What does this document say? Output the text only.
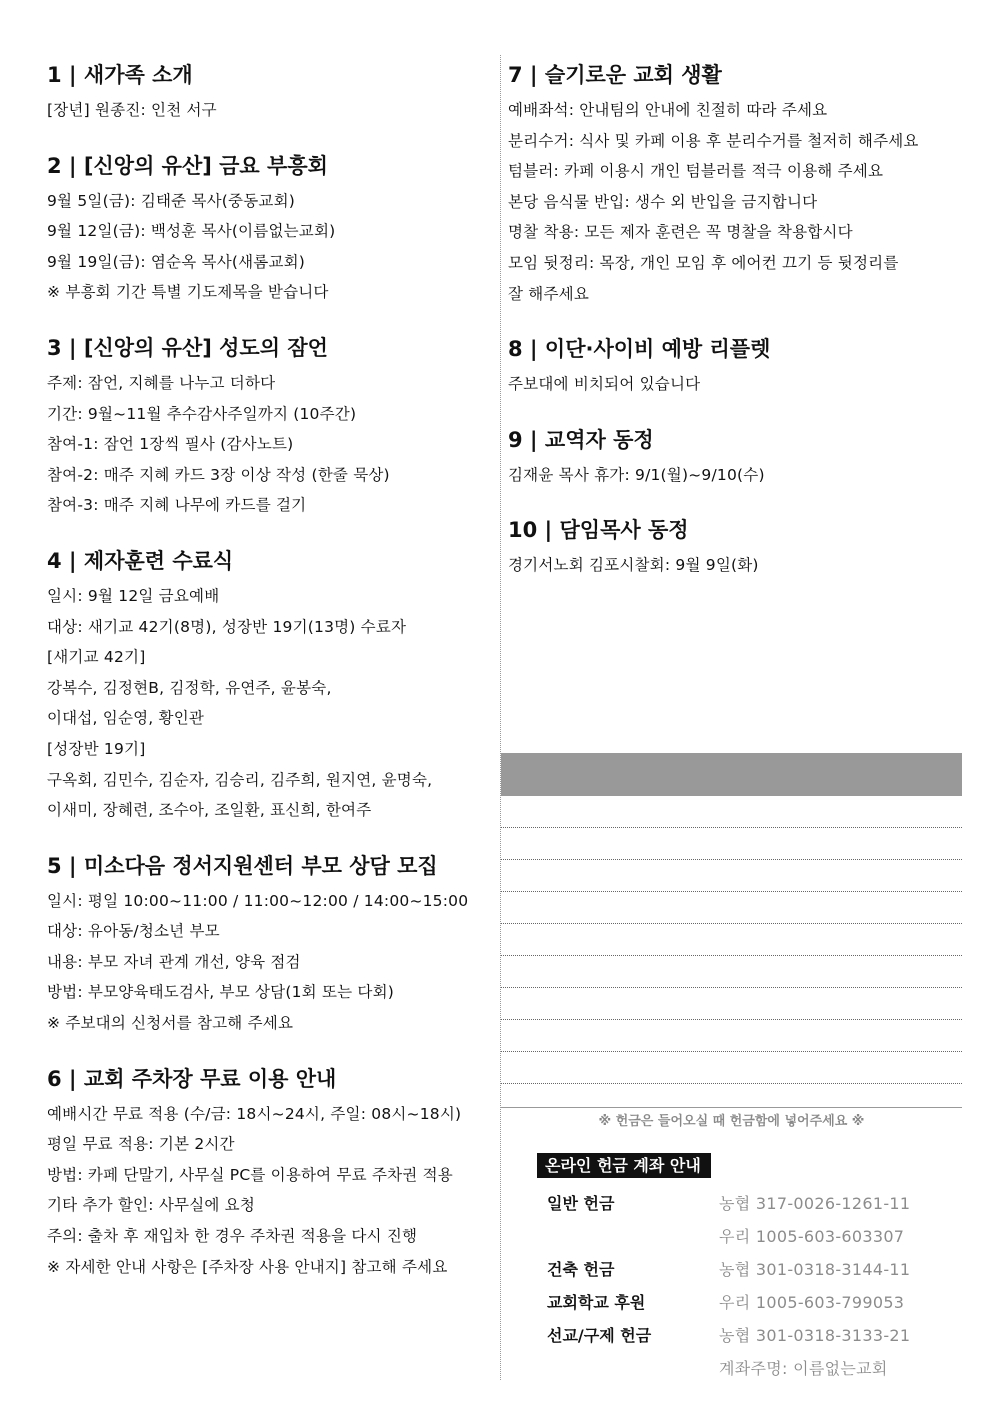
1 | 새가족 소개
[장년] 원종진: 인천 서구
2 | [신앙의 유산] 금요 부흥회
9월 5일(금): 김태준 목사(중동교회)
9월 12일(금): 백성훈 목사(이름없는교회)
9월 19일(금): 염순옥 목사(새롬교회)
※ 부흥회 기간 특별 기도제목을 받습니다
3 | [신앙의 유산] 성도의 잠언
주제: 잠언, 지혜를 나누고 더하다
기간: 9월~11월 추수감사주일까지 (10주간)
참여-1: 잠언 1장씩 필사 (감사노트)
참여-2: 매주 지혜 카드 3장 이상 작성 (한줄 묵상)
참여-3: 매주 지혜 나무에 카드를 걸기
4 | 제자훈련 수료식
일시: 9월 12일 금요예배
대상: 새기교 42기(8명), 성장반 19기(13명) 수료자
[새기교 42기]
강복수, 김정현B, 김정학, 유연주, 윤봉숙,
이대섭, 임순영, 황인관
[성장반 19기]
구옥회, 김민수, 김순자, 김승리, 김주희, 원지연, 윤명숙,
이새미, 장혜련, 조수아, 조일환, 표신희, 한여주
5 | 미소다음 정서지원센터 부모 상담 모집
일시: 평일 10:00~11:00 / 11:00~12:00 / 14:00~15:00
대상: 유아동/청소년 부모
내용: 부모 자녀 관계 개선, 양육 점검
방법: 부모양육태도검사, 부모 상담(1회 또는 다회)
※ 주보대의 신청서를 참고해 주세요
6 | 교회 주차장 무료 이용 안내
예배시간 무료 적용 (수/금: 18시~24시, 주일: 08시~18시)
평일 무료 적용: 기본 2시간
방법: 카페 단말기, 사무실 PC를 이용하여 무료 주차권 적용
기타 추가 할인: 사무실에 요청
주의: 출차 후 재입차 한 경우 주차권 적용을 다시 진행
※ 자세한 안내 사항은 [주차장 사용 안내지] 참고해 주세요
7 | 슬기로운 교회 생활
예배좌석: 안내팀의 안내에 친절히 따라 주세요
분리수거: 식사 및 카페 이용 후 분리수거를 철저히 해주세요
텀블러: 카페 이용시 개인 텀블러를 적극 이용해 주세요
본당 음식물 반입: 생수 외 반입을 금지합니다
명찰 착용: 모든 제자 훈련은 꼭 명찰을 착용합시다
모임 뒷정리: 목장, 개인 모임 후 에어컨 끄기 등 뒷정리를
잘 해주세요
8 | 이단·사이비 예방 리플렛
주보대에 비치되어 있습니다
9 | 교역자 동정
김재윤 목사 휴가: 9/1(월)~9/10(수)
10 | 담임목사 동정
경기서노회 김포시찰회: 9월 9일(화)
※ 헌금은 들어오실 때 헌금함에 넣어주세요 ※
온라인 헌금 계좌 안내
일반 헌금	농협 317-0026-1261-11
우리 1005-603-603307
건축 헌금	농협 301-0318-3144-11
교회학교 후원	우리 1005-603-799053
선교/구제 헌금	농협 301-0318-3133-21
계좌주명: 이름없는교회
